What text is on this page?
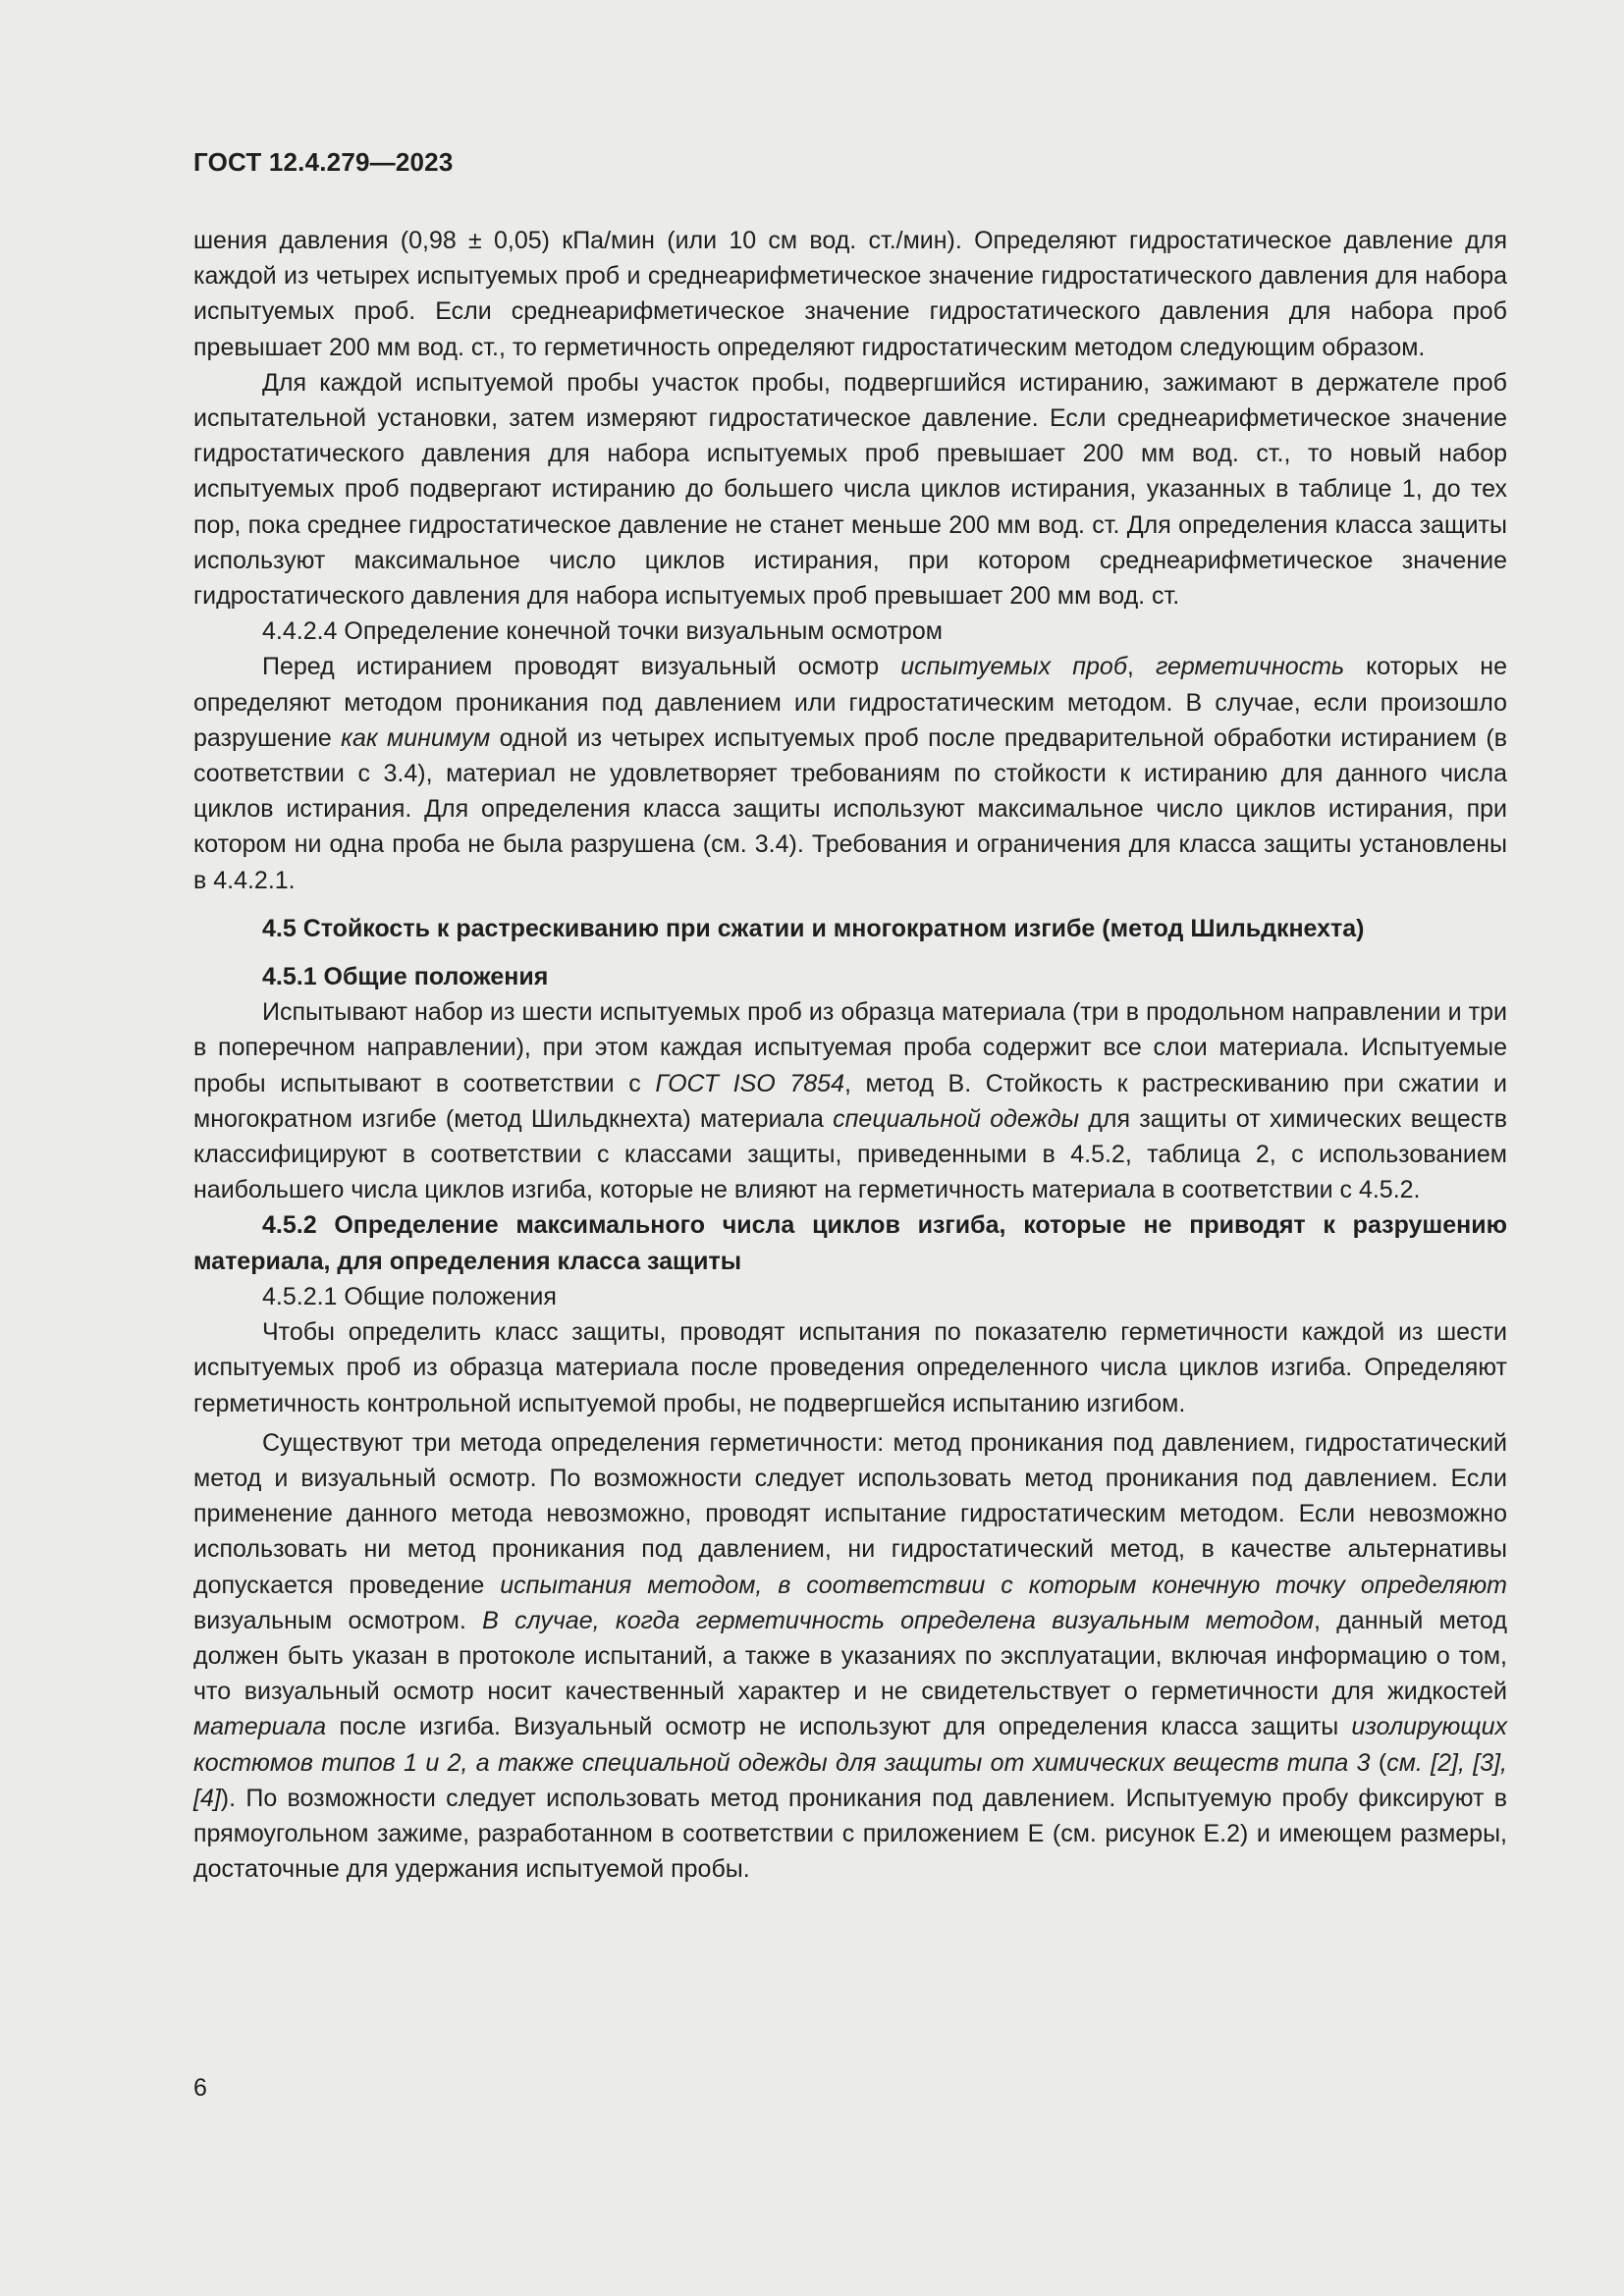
ГОСТ 12.4.279—2023

шения давления (0,98 ± 0,05) кПа/мин (или 10 см вод. ст./мин). Определяют гидростатическое давление для каждой из четырех испытуемых проб и среднеарифметическое значение гидростатического давления для набора испытуемых проб. Если среднеарифметическое значение гидростатического давления для набора проб превышает 200 мм вод. ст., то герметичность определяют гидростатическим методом следующим образом.

Для каждой испытуемой пробы участок пробы, подвергшийся истиранию, зажимают в держателе проб испытательной установки, затем измеряют гидростатическое давление. Если среднеарифметическое значение гидростатического давления для набора испытуемых проб превышает 200 мм вод. ст., то новый набор испытуемых проб подвергают истиранию до большего числа циклов истирания, указанных в таблице 1, до тех пор, пока среднее гидростатическое давление не станет меньше 200 мм вод. ст. Для определения класса защиты используют максимальное число циклов истирания, при котором среднеарифметическое значение гидростатического давления для набора испытуемых проб превышает 200 мм вод. ст.

4.4.2.4 Определение конечной точки визуальным осмотром

Перед истиранием проводят визуальный осмотр испытуемых проб, герметичность которых не определяют методом проникания под давлением или гидростатическим методом. В случае, если произошло разрушение как минимум одной из четырех испытуемых проб после предварительной обработки истиранием (в соответствии с 3.4), материал не удовлетворяет требованиям по стойкости к истиранию для данного числа циклов истирания. Для определения класса защиты используют максимальное число циклов истирания, при котором ни одна проба не была разрушена (см. 3.4). Требования и ограничения для класса защиты установлены в 4.4.2.1.

4.5 Стойкость к растрескиванию при сжатии и многократном изгибе (метод Шильдкнехта)

4.5.1 Общие положения

Испытывают набор из шести испытуемых проб из образца материала (три в продольном направлении и три в поперечном направлении), при этом каждая испытуемая проба содержит все слои материала. Испытуемые пробы испытывают в соответствии с ГОСТ ISO 7854, метод В. Стойкость к растрескиванию при сжатии и многократном изгибе (метод Шильдкнехта) материала специальной одежды для защиты от химических веществ классифицируют в соответствии с классами защиты, приведенными в 4.5.2, таблица 2, с использованием наибольшего числа циклов изгиба, которые не влияют на герметичность материала в соответствии с 4.5.2.

4.5.2 Определение максимального числа циклов изгиба, которые не приводят к разрушению материала, для определения класса защиты

4.5.2.1 Общие положения

Чтобы определить класс защиты, проводят испытания по показателю герметичности каждой из шести испытуемых проб из образца материала после проведения определенного числа циклов изгиба. Определяют герметичность контрольной испытуемой пробы, не подвергшейся испытанию изгибом.

Существуют три метода определения герметичности: метод проникания под давлением, гидростатический метод и визуальный осмотр. По возможности следует использовать метод проникания под давлением. Если применение данного метода невозможно, проводят испытание гидростатическим методом. Если невозможно использовать ни метод проникания под давлением, ни гидростатический метод, в качестве альтернативы допускается проведение испытания методом, в соответствии с которым конечную точку определяют визуальным осмотром. В случае, когда герметичность определена визуальным методом, данный метод должен быть указан в протоколе испытаний, а также в указаниях по эксплуатации, включая информацию о том, что визуальный осмотр носит качественный характер и не свидетельствует о герметичности для жидкостей материала после изгиба. Визуальный осмотр не используют для определения класса защиты изолирующих костюмов типов 1 и 2, а также специальной одежды для защиты от химических веществ типа 3 (см. [2], [3], [4]). По возможности следует использовать метод проникания под давлением. Испытуемую пробу фиксируют в прямоугольном зажиме, разработанном в соответствии с приложением Е (см. рисунок Е.2) и имеющем размеры, достаточные для удержания испытуемой пробы.

6
